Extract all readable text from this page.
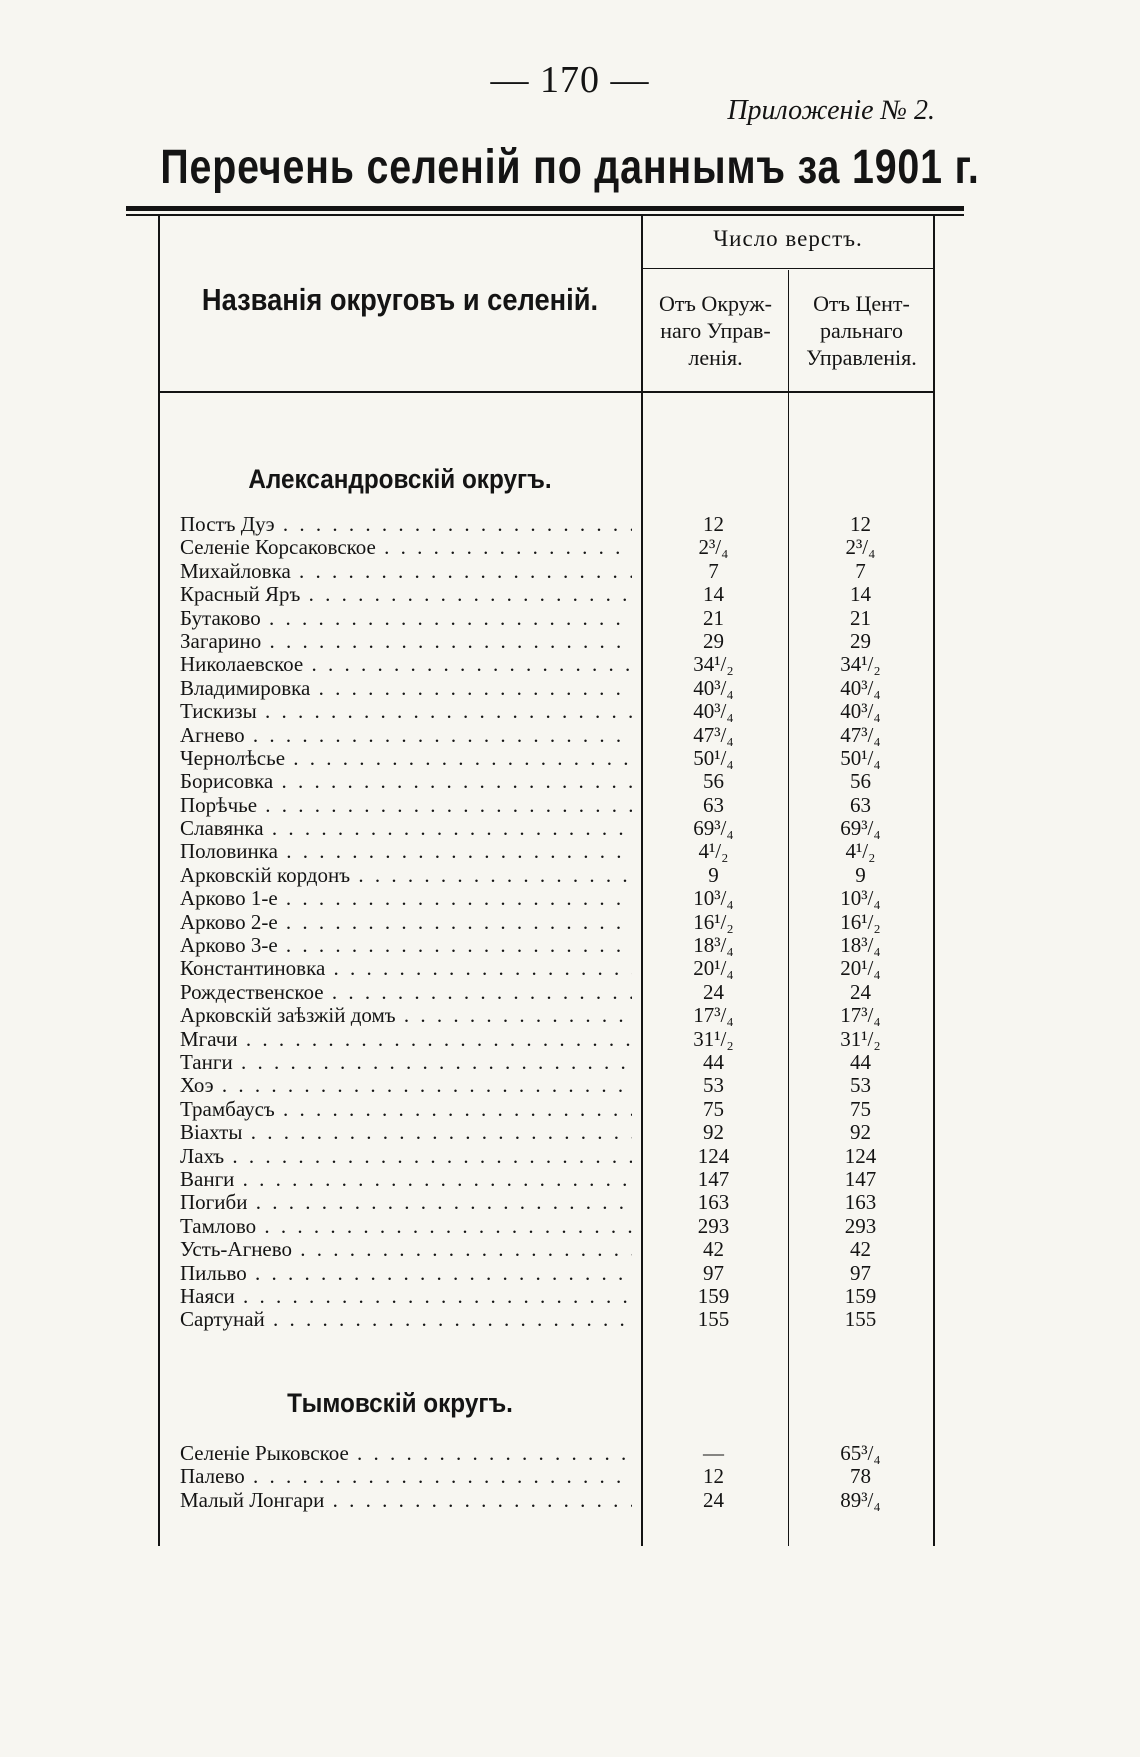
— 170 —
Приложеніе № 2.
Перечень селеній по даннымъ за 1901 г.
Названія округовъ и селеній.
Число верстъ.
Отъ Окруж-
наго Управ-
ленія.
Отъ Цент-
ральнаго
Управленія.
Александровскій округъ.
Постъ Дуэ . . .	12	12
Селеніе Корсаковское . . .	2³/₄	2³/₄
Михайловка . . .	7	7
Красный Яръ . . .	14	14
Бутаково . . .	21	21
Загарино . . .	29	29
Николаевское . . .	34¹/₂	34¹/₂
Владимировка . . .	40³/₄	40³/₄
Тискизы . . .	40³/₄	40³/₄
Агнево . . .	47³/₄	47³/₄
Чернолѣсье . . .	50¹/₄	50¹/₄
Борисовка . . .	56	56
Порѣчье . . .	63	63
Славянка . . .	69³/₄	69³/₄
Половинка . . .	4¹/₂	4¹/₂
Арковскій кордонъ . . .	9	9
Арково 1-е . . .	10³/₄	10³/₄
Арково 2-е . . .	16¹/₂	16¹/₂
Арково 3-е . . .	18³/₄	18³/₄
Константиновка . . .	20¹/₄	20¹/₄
Рождественское . . .	24	24
Арковскій заѣзжій домъ . . .	17³/₄	17³/₄
Мгачи . . .	31¹/₂	31¹/₂
Танги . . .	44	44
Хоэ . . .	53	53
Трамбаусъ . . .	75	75
Віахты . . .	92	92
Лахъ . . .	124	124
Ванги . . .	147	147
Погиби . . .	163	163
Тамлово . . .	293	293
Усть-Агнево . . .	42	42
Пильво . . .	97	97
Наяси . . .	159	159
Сартунай . . .	155	155
Тымовскій округъ.
Селеніе Рыковское . . .	—	65³/₄
Палево . . .	12	78
Малый Лонгари . . .	24	89³/₄
